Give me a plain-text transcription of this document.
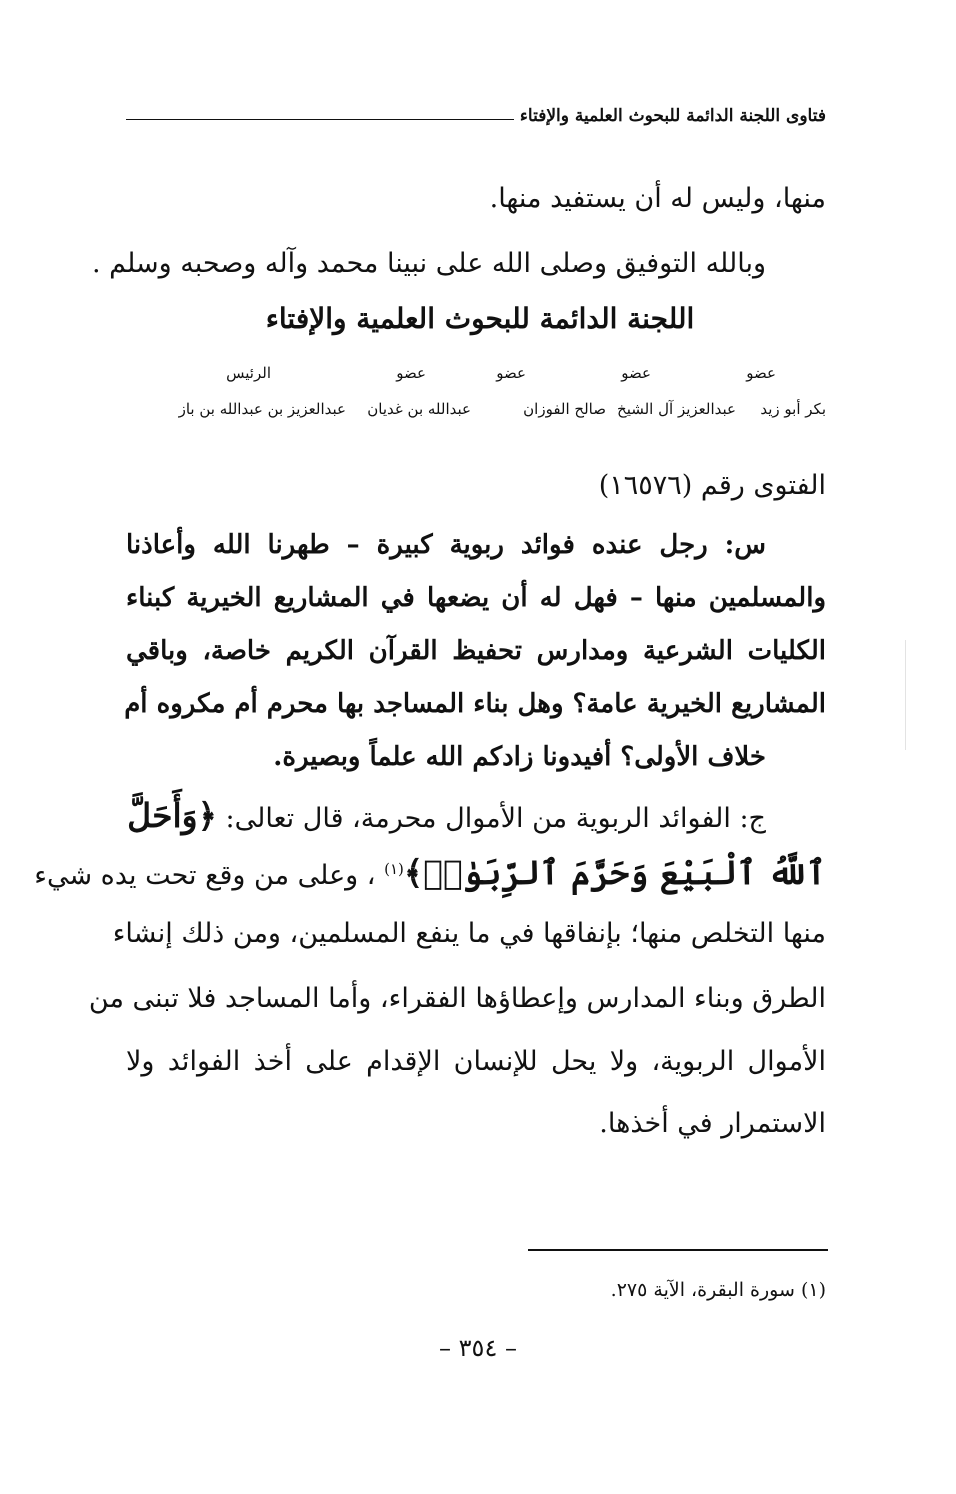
فتاوى اللجنة الدائمة للبحوث العلمية والإفتاء
منها، وليس له أن يستفيد منها.
وبالله التوفيق وصلى الله على نبينا محمد وآله وصحبه وسلم .
اللجنة الدائمة للبحوث العلمية والإفتاء
عضو
عضو
عضو
عضو
الرئيس
بكر أبو زيد
عبدالعزيز آل الشيخ
صالح الفوزان
عبدالله بن غديان
عبدالعزيز بن عبدالله بن باز
الفتوى رقم (١٦٥٧٦)
س: رجل عنده فوائد ربوية كبيرة – طهرنا الله وأعاذنا
والمسلمين منها – فهل له أن يضعها في المشاريع الخيرية كبناء
الكليات الشرعية ومدارس تحفيظ القرآن الكريم خاصة، وباقي
المشاريع الخيرية عامة؟ وهل بناء المساجد بها محرم أم مكروه أم
خلاف الأولى؟ أفيدونا زادكم الله علماً وبصيرة.
ج: الفوائد الربوية من الأموال محرمة، قال تعالى: ﴿وَأَحَلَّ
ٱللَّهُ ٱلْبَيْعَ وَحَرَّمَ ٱلرِّبَوٰا۟﴾$^{(١)}$ ، وعلى من وقع تحت يده شيء
منها التخلص منها؛ بإنفاقها في ما ينفع المسلمين، ومن ذلك إنشاء
الطرق وبناء المدارس وإعطاؤها الفقراء، وأما المساجد فلا تبنى من
الأموال الربوية، ولا يحل للإنسان الإقدام على أخذ الفوائد ولا
الاستمرار في أخذها.
(١) سورة البقرة، الآية ٢٧٥.
– ٣٥٤ –
